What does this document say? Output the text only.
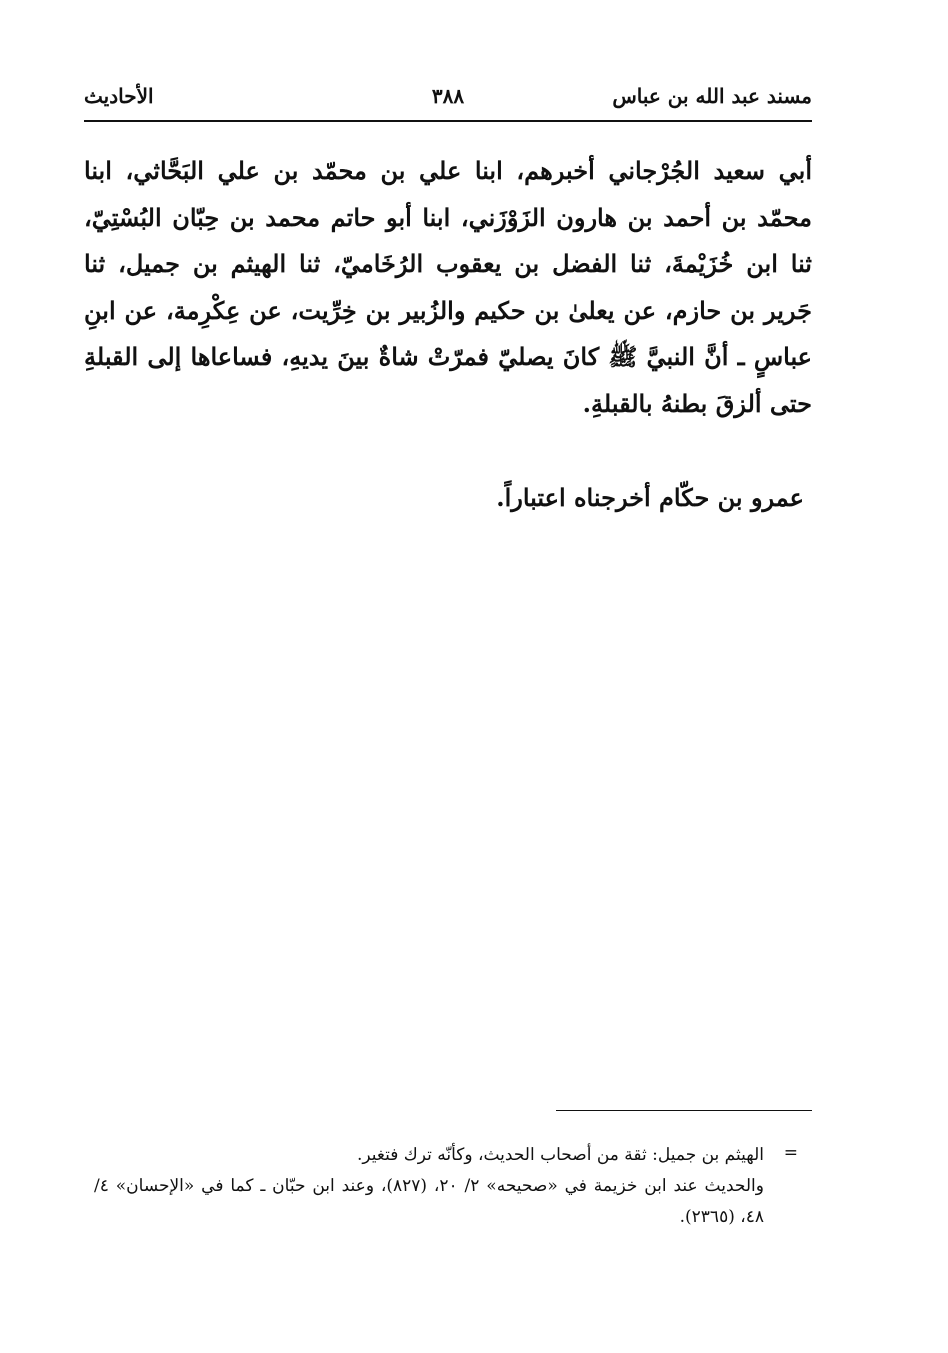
مسند عبد الله بن عباس
٣٨٨
الأحاديث

أبي سعيد الجُرْجاني أخبرهم، ابنا علي بن محمّد بن علي البَحَّاثي، ابنا محمّد بن أحمد بن هارون الزَوْزَني، ابنا أبو حاتم محمد بن حِبّان البُسْتِيّ، ثنا ابن خُزَيْمةَ، ثنا الفضل بن يعقوب الرُخَاميّ، ثنا الهيثم بن جميل، ثنا جَرير بن حازم، عن يعلىٰ بن حكيم والزُبير بن خِرِّيت، عن عِكْرِمة، عن ابنِ عباسٍ ـ أنَّ النبيَّ ﷺ كانَ يصليّ فمرّتْ شاةٌ بينَ يديهِ، فساعاها إلى القبلةِ حتى ألزقَ بطنهُ بالقبلةِ.

عمرو بن حكّام أخرجناه اعتباراً.
=

الهيثم بن جميل: ثقة من أصحاب الحديث، وكأنّه ترك فتغير.

والحديث عند ابن خزيمة في «صحيحه» ٢/ ٢٠، (٨٢٧)، وعند ابن حبّان ـ كما في «الإحسان» ٤/ ٤٨، (٢٣٦٥).
